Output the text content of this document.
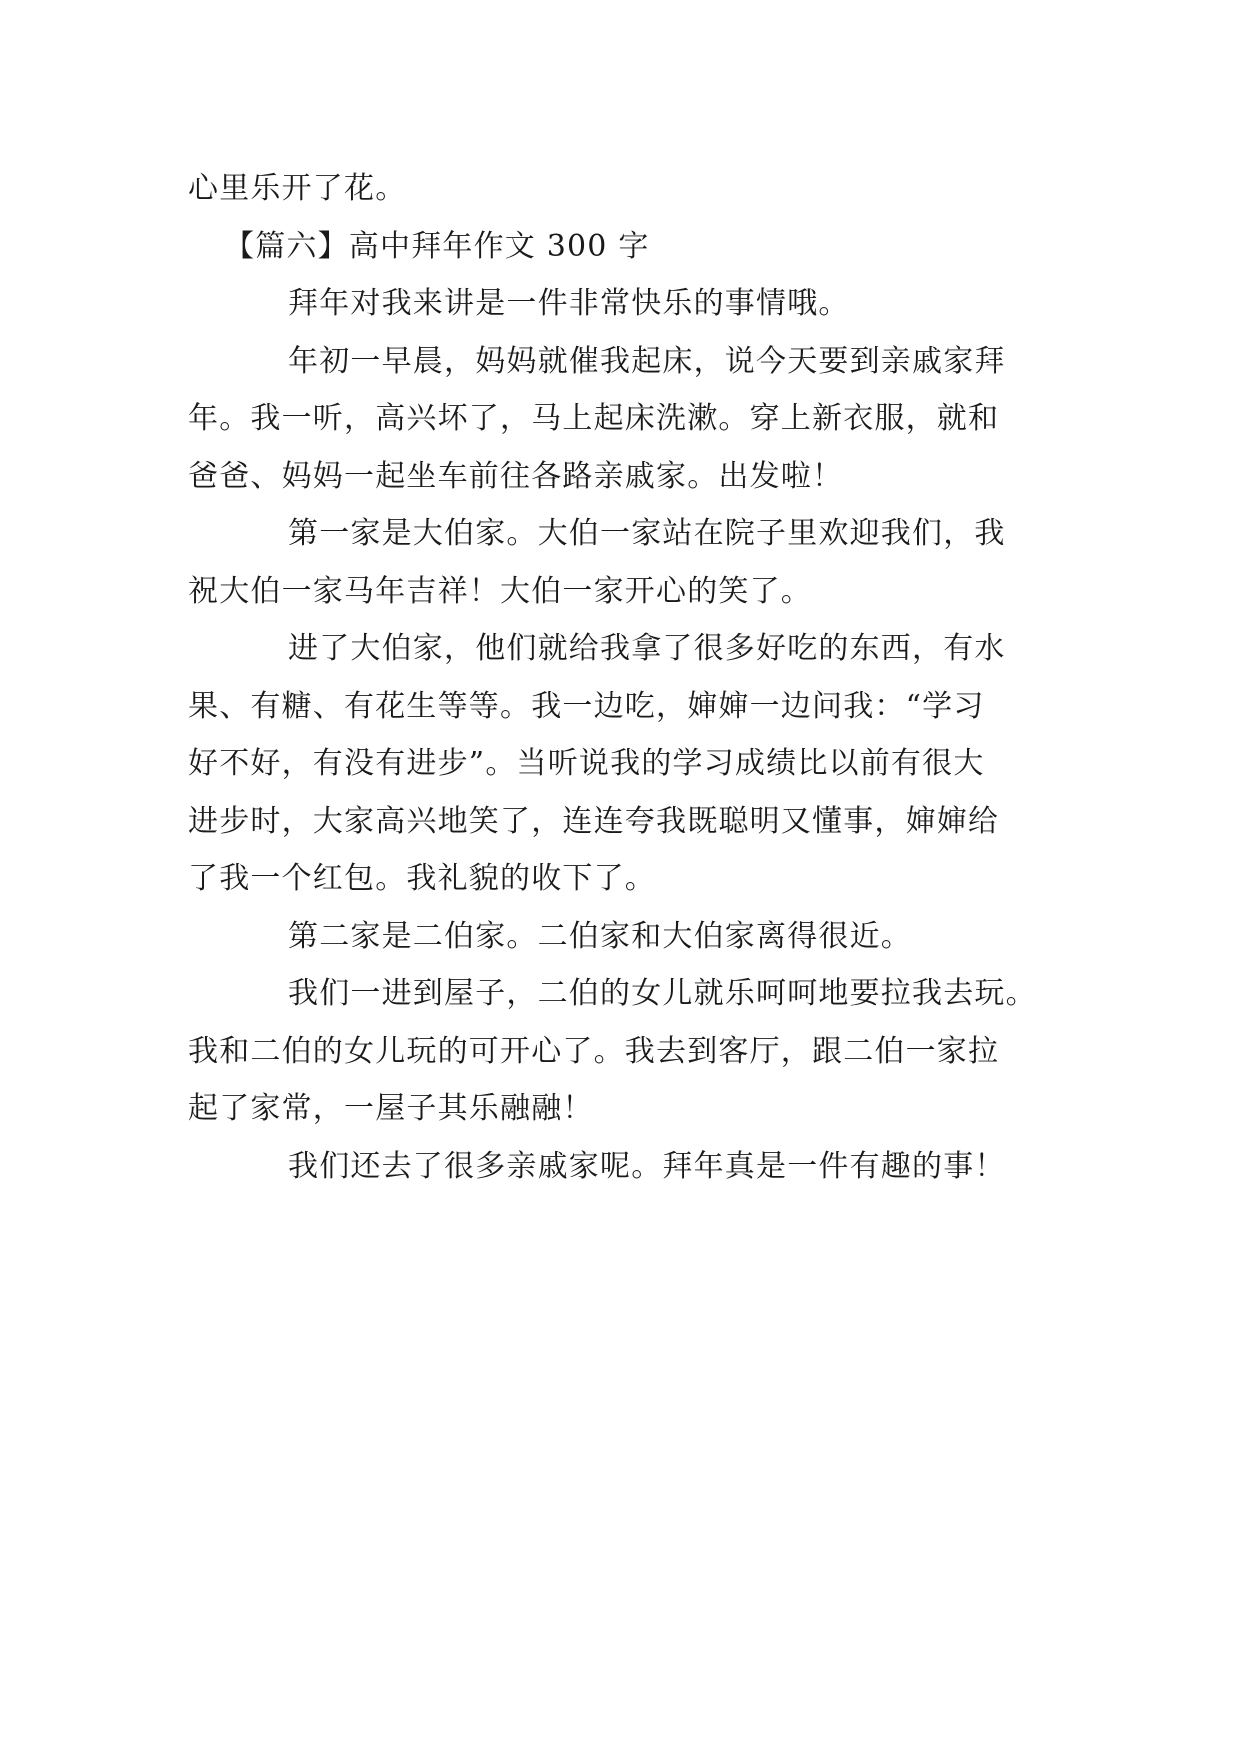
心里乐开了花。
【篇六】高中拜年作文 300 字
拜年对我来讲是一件非常快乐的事情哦。
年初一早晨，妈妈就催我起床，说今天要到亲戚家拜
年。我一听，高兴坏了，马上起床洗漱。穿上新衣服，就和
爸爸、妈妈一起坐车前往各路亲戚家。出发啦！
第一家是大伯家。大伯一家站在院子里欢迎我们，我
祝大伯一家马年吉祥！大伯一家开心的笑了。
进了大伯家，他们就给我拿了很多好吃的东西，有水
果、有糖、有花生等等。我一边吃，婶婶一边问我：“学习
好不好，有没有进步”。当听说我的学习成绩比以前有很大
进步时，大家高兴地笑了，连连夸我既聪明又懂事，婶婶给
了我一个红包。我礼貌的收下了。
第二家是二伯家。二伯家和大伯家离得很近。
我们一进到屋子，二伯的女儿就乐呵呵地要拉我去玩。
我和二伯的女儿玩的可开心了。我去到客厅，跟二伯一家拉
起了家常，一屋子其乐融融！
我们还去了很多亲戚家呢。拜年真是一件有趣的事！
